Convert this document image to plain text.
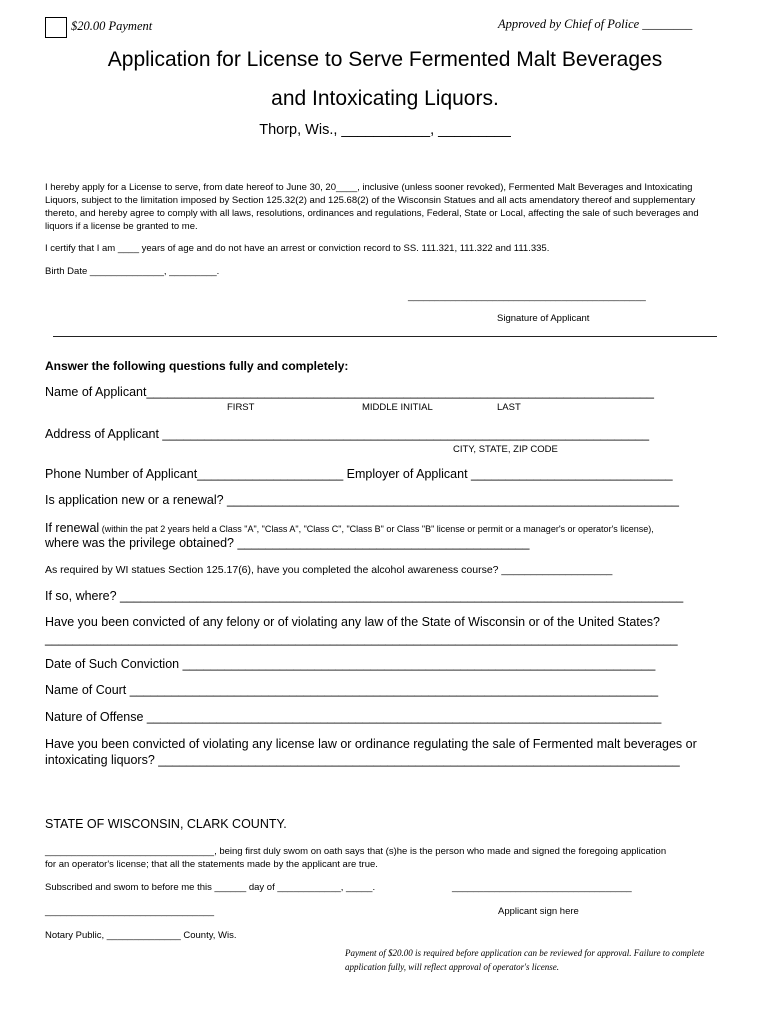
$20.00 Payment	Approved by Chief of Police ________
Application for License to Serve Fermented Malt Beverages
and Intoxicating Liquors.
Thorp, Wis., ___________, _________
I hereby apply for a License to serve, from date hereof to June 30, 20____, inclusive (unless sooner revoked), Fermented Malt Beverages and Intoxicating Liquors, subject to the limitation imposed by Section 125.32(2) and 125.68(2) of the Wisconsin Statues and all acts amendatory thereof and supplementary thereto, and hereby agree to comply with all laws, resolutions, ordinances and regulations, Federal, State or Local, affecting the sale of such beverages and liquors if a license be granted to me.
I certify that I am ____ years of age and do not have an arrest or conviction record to SS. 111.321, 111.322 and 111.335.
Birth Date ______________, _________.
_____________________________________________
Signature of Applicant
Answer the following questions fully and completely:
Name of Applicant_________________________________________________________________________
FIRST	MIDDLE INITIAL	LAST
Address of Applicant ______________________________________________________________________
CITY, STATE, ZIP CODE
Phone Number of Applicant_____________________ Employer of Applicant _____________________________
Is application new or a renewal? _________________________________________________________________
If renewal (within the pat 2 years held a Class "A", "Class A", "Class C", "Class B" or Class "B" license or permit or a manager's or operator's license),
where was the privilege obtained? __________________________________________
As required by WI statues Section 125.17(6), have you completed the alcohol awareness course? ___________________
If so, where? _________________________________________________________________________________
Have you been convicted of any felony or of violating any law of the State of Wisconsin or of the United States?
___________________________________________________________________________________________
Date of Such Conviction ____________________________________________________________________
Name of Court ____________________________________________________________________________
Nature of Offense __________________________________________________________________________
Have you been convicted of violating any license law or ordinance regulating the sale of Fermented malt beverages or
intoxicating liquors? ___________________________________________________________________________
STATE OF WISCONSIN, CLARK COUNTY.
________________________________, being first duly swom on oath says that (s)he is the person who made and signed the foregoing application
for an operator's license; that all the statements made by the applicant are true.
Subscribed and swom to before me this ______ day of ____________, _____.	__________________________________
Applicant sign here
________________________________
Notary Public, ______________ County, Wis.
Payment of $20.00 is required before application can be reviewed for approval. Failure to complete
application fully, will reflect approval of operator's license.
